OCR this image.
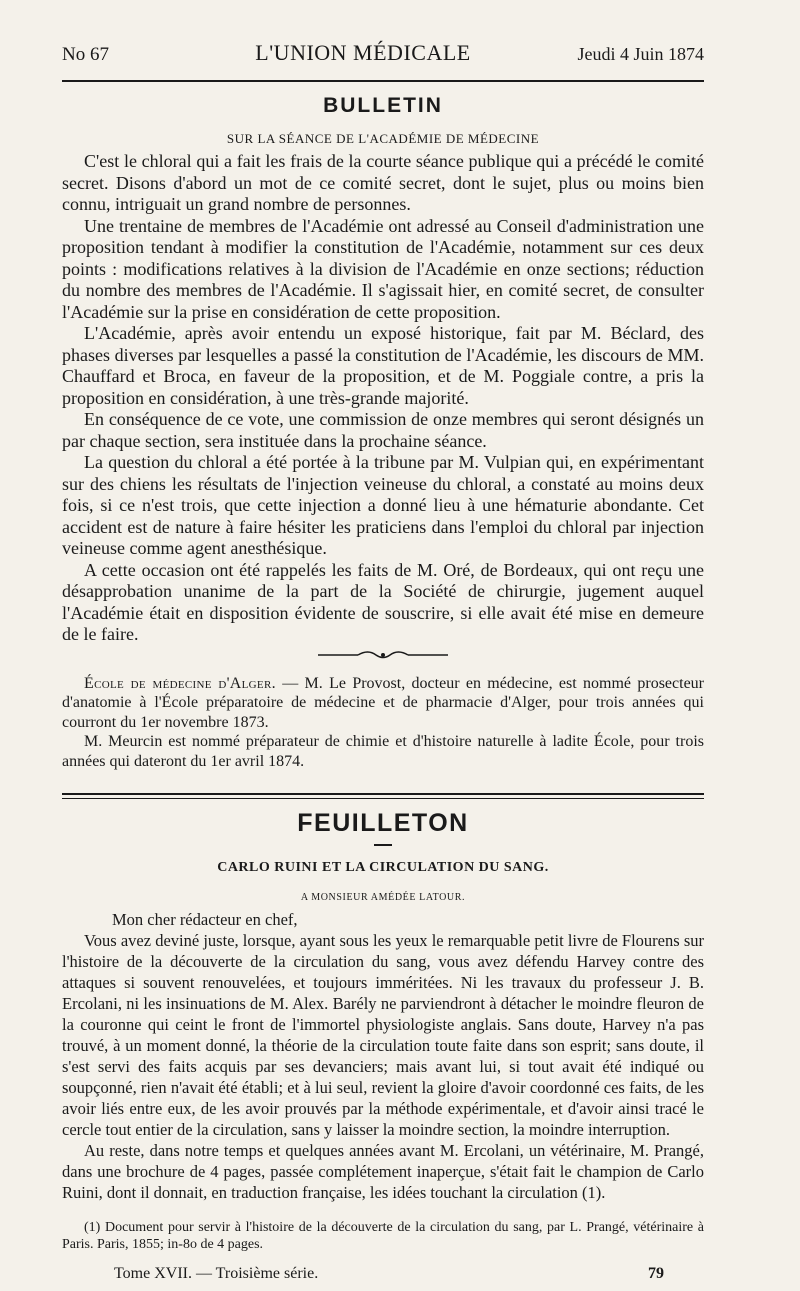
No 67	L'UNION MÉDICALE	Jeudi 4 Juin 1874
BULLETIN
SUR LA SÉANCE DE L'ACADÉMIE DE MÉDECINE

C'est le chloral qui a fait les frais de la courte séance publique qui a précédé le comité secret. Disons d'abord un mot de ce comité secret, dont le sujet, plus ou moins bien connu, intriguait un grand nombre de personnes.

Une trentaine de membres de l'Académie ont adressé au Conseil d'administration une proposition tendant à modifier la constitution de l'Académie, notamment sur ces deux points : modifications relatives à la division de l'Académie en onze sections; réduction du nombre des membres de l'Académie. Il s'agissait hier, en comité secret, de consulter l'Académie sur la prise en considération de cette proposition.

L'Académie, après avoir entendu un exposé historique, fait par M. Béclard, des phases diverses par lesquelles a passé la constitution de l'Académie, les discours de MM. Chauffard et Broca, en faveur de la proposition, et de M. Poggiale contre, a pris la proposition en considération, à une très-grande majorité.

En conséquence de ce vote, une commission de onze membres qui seront désignés un par chaque section, sera instituée dans la prochaine séance.

La question du chloral a été portée à la tribune par M. Vulpian qui, en expérimentant sur des chiens les résultats de l'injection veineuse du chloral, a constaté au moins deux fois, si ce n'est trois, que cette injection a donné lieu à une hématurie abondante. Cet accident est de nature à faire hésiter les praticiens dans l'emploi du chloral par injection veineuse comme agent anesthésique.

A cette occasion ont été rappelés les faits de M. Oré, de Bordeaux, qui ont reçu une désapprobation unanime de la part de la Société de chirurgie, jugement auquel l'Académie était en disposition évidente de souscrire, si elle avait été mise en demeure de le faire.

École de médecine d'Alger. — M. Le Provost, docteur en médecine, est nommé prosecteur d'anatomie à l'École préparatoire de médecine et de pharmacie d'Alger, pour trois années qui courront du 1er novembre 1873.

M. Meurcin est nommé préparateur de chimie et d'histoire naturelle à ladite École, pour trois années qui dateront du 1er avril 1874.

FEUILLETON
CARLO RUINI ET LA CIRCULATION DU SANG.
A MONSIEUR AMÉDÉE LATOUR.

Mon cher rédacteur en chef,

Vous avez deviné juste, lorsque, ayant sous les yeux le remarquable petit livre de Flourens sur l'histoire de la découverte de la circulation du sang, vous avez défendu Harvey contre des attaques si souvent renouvelées, et toujours imméritées. Ni les travaux du professeur J. B. Ercolani, ni les insinuations de M. Alex. Barély ne parviendront à détacher le moindre fleuron de la couronne qui ceint le front de l'immortel physiologiste anglais. Sans doute, Harvey n'a pas trouvé, à un moment donné, la théorie de la circulation toute faite dans son esprit; sans doute, il s'est servi des faits acquis par ses devanciers; mais avant lui, si tout avait été indiqué ou soupçonné, rien n'avait été établi; et à lui seul, revient la gloire d'avoir coordonné ces faits, de les avoir liés entre eux, de les avoir prouvés par la méthode expérimentale, et d'avoir ainsi tracé le cercle tout entier de la circulation, sans y laisser la moindre section, la moindre interruption.

Au reste, dans notre temps et quelques années avant M. Ercolani, un vétérinaire, M. Prangé, dans une brochure de 4 pages, passée complétement inaperçue, s'était fait le champion de Carlo Ruini, dont il donnait, en traduction française, les idées touchant la circulation (1).

(1) Document pour servir à l'histoire de la découverte de la circulation du sang, par L. Prangé, vétérinaire à Paris. Paris, 1855; in-8o de 4 pages.

Tome XVII. — Troisième série.	79
